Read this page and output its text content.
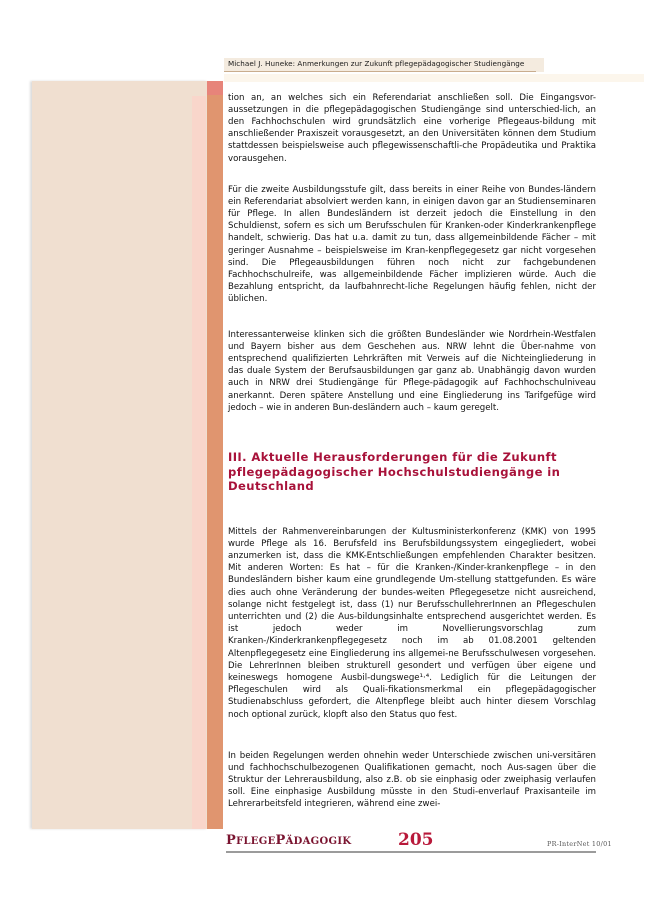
Michael J. Huneke: Anmerkungen zur Zukunft pflegepädagogischer Studiengänge

tion an, an welches sich ein Referendariat anschließen soll. Die Eingangsvor-aussetzungen in die pflegepädagogischen Studiengänge sind unterschied-lich, an den Fachhochschulen wird grundsätzlich eine vorherige Pflegeaus-bildung mit anschließender Praxiszeit vorausgesetzt, an den Universitäten können dem Studium stattdessen beispielsweise auch pflegewissenschaftli-che Propädeutika und Praktika vorausgehen.

Für die zweite Ausbildungsstufe gilt, dass bereits in einer Reihe von Bundes-ländern ein Referendariat absolviert werden kann, in einigen davon gar an Studienseminaren für Pflege. In allen Bundesländern ist derzeit jedoch die Einstellung in den Schuldienst, sofern es sich um Berufsschulen für Kranken-oder Kinderkrankenpflege handelt, schwierig. Das hat u.a. damit zu tun, dass allgemeinbildende Fächer – mit geringer Ausnahme – beispielsweise im Kran-kenpflegegesetz gar nicht vorgesehen sind. Die Pflegeausbildungen führen noch nicht zur fachgebundenen Fachhochschulreife, was allgemeinbildende Fächer implizieren würde. Auch die Bezahlung entspricht, da laufbahnrecht-liche Regelungen häufig fehlen, nicht der üblichen.

Interessanterweise klinken sich die größten Bundesländer wie Nordrhein-Westfalen und Bayern bisher aus dem Geschehen aus. NRW lehnt die Über-nahme von entsprechend qualifizierten Lehrkräften mit Verweis auf die Nichteingliederung in das duale System der Berufsausbildungen gar ganz ab. Unabhängig davon wurden auch in NRW drei Studiengänge für Pflege-pädagogik auf Fachhochschulniveau anerkannt. Deren spätere Anstellung und eine Eingliederung ins Tarifgefüge wird jedoch – wie in anderen Bun-desländern auch – kaum geregelt.

III. Aktuelle Herausforderungen für die Zukunft pflegepädagogischer Hochschulstudiengänge in Deutschland

Mittels der Rahmenvereinbarungen der Kultusministerkonferenz (KMK) von 1995 wurde Pflege als 16. Berufsfeld ins Berufsbildungssystem eingegliedert, wobei anzumerken ist, dass die KMK-Entschließungen empfehlenden Charakter besitzen. Mit anderen Worten: Es hat – für die Kranken-/Kinder-krankenpflege – in den Bundesländern bisher kaum eine grundlegende Um-stellung stattgefunden. Es wäre dies auch ohne Veränderung der bundes-weiten Pflegegesetze nicht ausreichend, solange nicht festgelegt ist, dass (1) nur BerufsschullehrerInnen an Pflegeschulen unterrichten und (2) die Aus-bildungsinhalte entsprechend ausgerichtet werden. Es ist jedoch weder im Novellierungsvorschlag zum Kranken-/Kinderkrankenpflegegesetz noch im ab 01.08.2001 geltenden Altenpflegegesetz eine Eingliederung ins allgemei-ne Berufsschulwesen vorgesehen. Die LehrerInnen bleiben strukturell gesondert und verfügen über eigene und keineswegs homogene Ausbil-dungswege¹·⁴. Lediglich für die Leitungen der Pflegeschulen wird als Quali-fikationsmerkmal ein pflegepädagogischer Studienabschluss gefordert, die Altenpflege bleibt auch hinter diesem Vorschlag noch optional zurück, klopft also den Status quo fest.

In beiden Regelungen werden ohnehin weder Unterschiede zwischen uni-versitären und fachhochschulbezogenen Qualifikationen gemacht, noch Aus-sagen über die Struktur der Lehrerausbildung, also z.B. ob sie einphasig oder zweiphasig verlaufen soll. Eine einphasige Ausbildung müsste in den Studi-enverlauf Praxisanteile im Lehrerarbeitsfeld integrieren, während eine zwei-

PFLEGEPÄDAGOGIK	205	PR-InterNet 10/01
